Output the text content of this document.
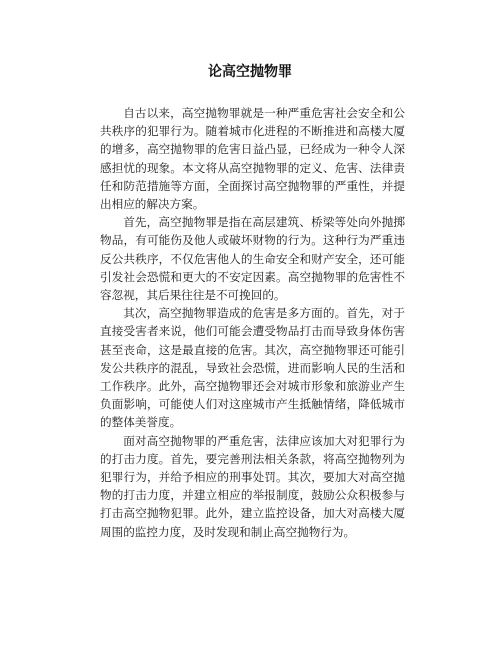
论高空抛物罪

自古以来，高空抛物罪就是一种严重危害社会安全和公共秩序的犯罪行为。随着城市化进程的不断推进和高楼大厦的增多，高空抛物罪的危害日益凸显，已经成为一种令人深感担忧的现象。本文将从高空抛物罪的定义、危害、法律责任和防范措施等方面，全面探讨高空抛物罪的严重性，并提出相应的解决方案。

首先，高空抛物罪是指在高层建筑、桥梁等处向外抛掷物品，有可能伤及他人或破坏财物的行为。这种行为严重违反公共秩序，不仅危害他人的生命安全和财产安全，还可能引发社会恐慌和更大的不安定因素。高空抛物罪的危害性不容忽视，其后果往往是不可挽回的。

其次，高空抛物罪造成的危害是多方面的。首先，对于直接受害者来说，他们可能会遭受物品打击而导致身体伤害甚至丧命，这是最直接的危害。其次，高空抛物罪还可能引发公共秩序的混乱，导致社会恐慌，进而影响人民的生活和工作秩序。此外，高空抛物罪还会对城市形象和旅游业产生负面影响，可能使人们对这座城市产生抵触情绪，降低城市的整体美誉度。

面对高空抛物罪的严重危害，法律应该加大对犯罪行为的打击力度。首先，要完善刑法相关条款，将高空抛物列为犯罪行为，并给予相应的刑事处罚。其次，要加大对高空抛物的打击力度，并建立相应的举报制度，鼓励公众积极参与打击高空抛物犯罪。此外，建立监控设备，加大对高楼大厦周围的监控力度，及时发现和制止高空抛物行为。
